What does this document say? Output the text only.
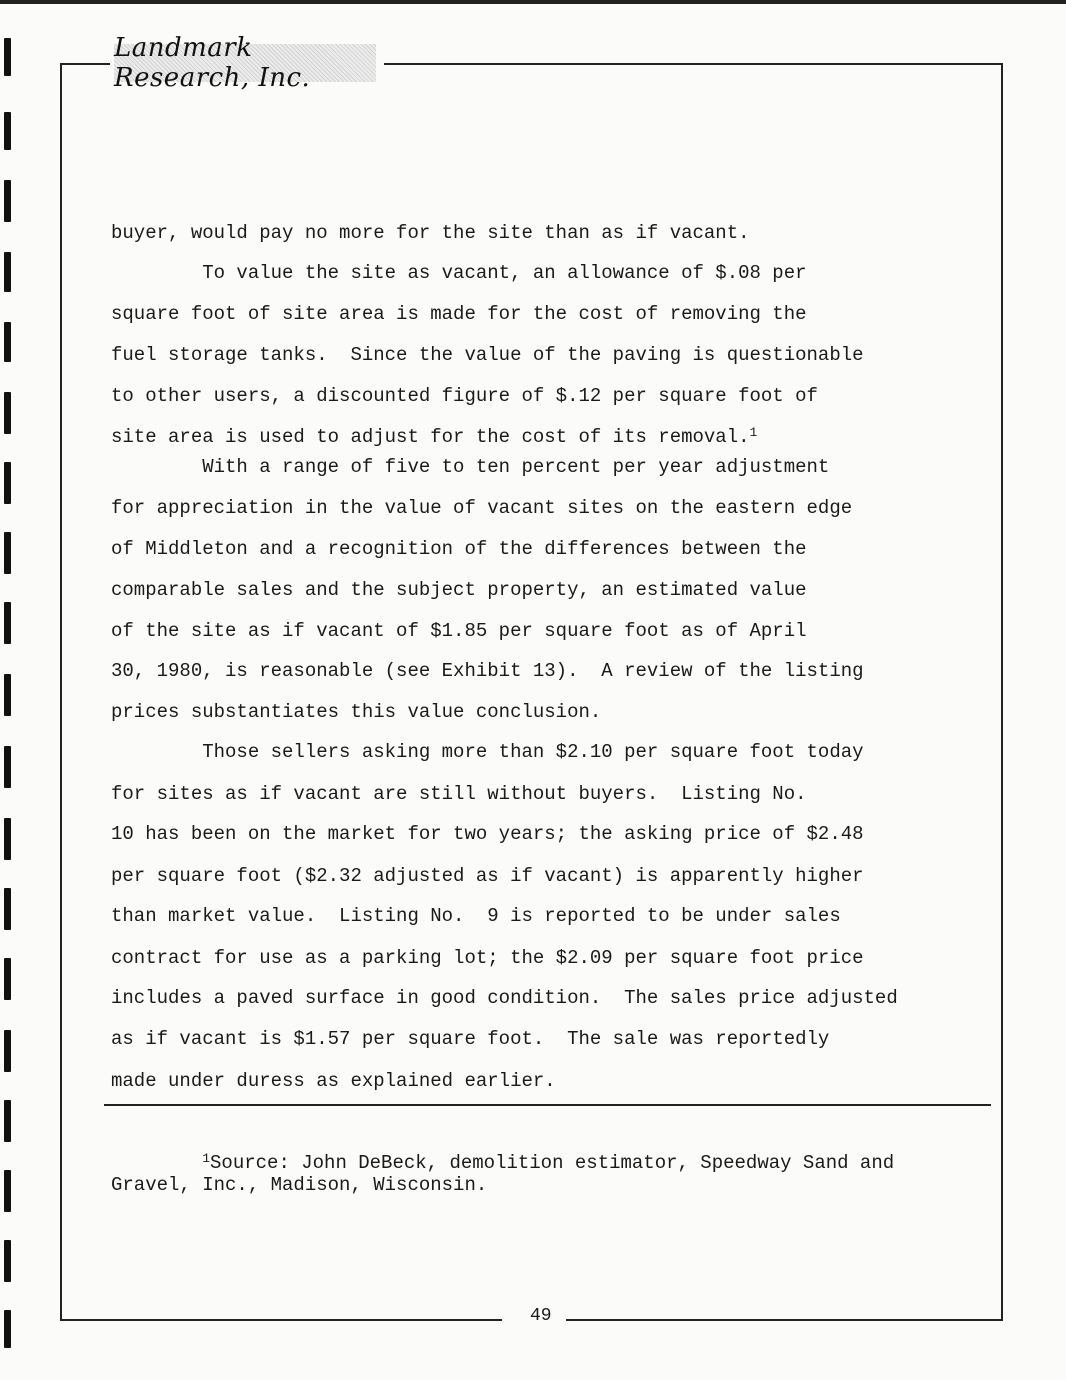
Landmark Research, Inc.
buyer, would pay no more for the site than as if vacant.
To value the site as vacant, an allowance of $.08 per
square foot of site area is made for the cost of removing the
fuel storage tanks.  Since the value of the paving is questionable
to other users, a discounted figure of $.12 per square foot of
site area is used to adjust for the cost of its removal.$^1$
With a range of five to ten percent per year adjustment
for appreciation in the value of vacant sites on the eastern edge
of Middleton and a recognition of the differences between the
comparable sales and the subject property, an estimated value
of the site as if vacant of $1.85 per square foot as of April
30, 1980, is reasonable (see Exhibit 13).  A review of the listing
prices substantiates this value conclusion.
Those sellers asking more than $2.10 per square foot today
for sites as if vacant are still without buyers.  Listing No.
10 has been on the market for two years; the asking price of $2.48
per square foot ($2.32 adjusted as if vacant) is apparently higher
than market value.  Listing No.  9 is reported to be under sales
contract for use as a parking lot; the $2.09 per square foot price
includes a paved surface in good condition.  The sales price adjusted
as if vacant is $1.57 per square foot.  The sale was reportedly
made under duress as explained earlier.
$^1$Source: John DeBeck, demolition estimator, Speedway Sand and
Gravel, Inc., Madison, Wisconsin.
49
